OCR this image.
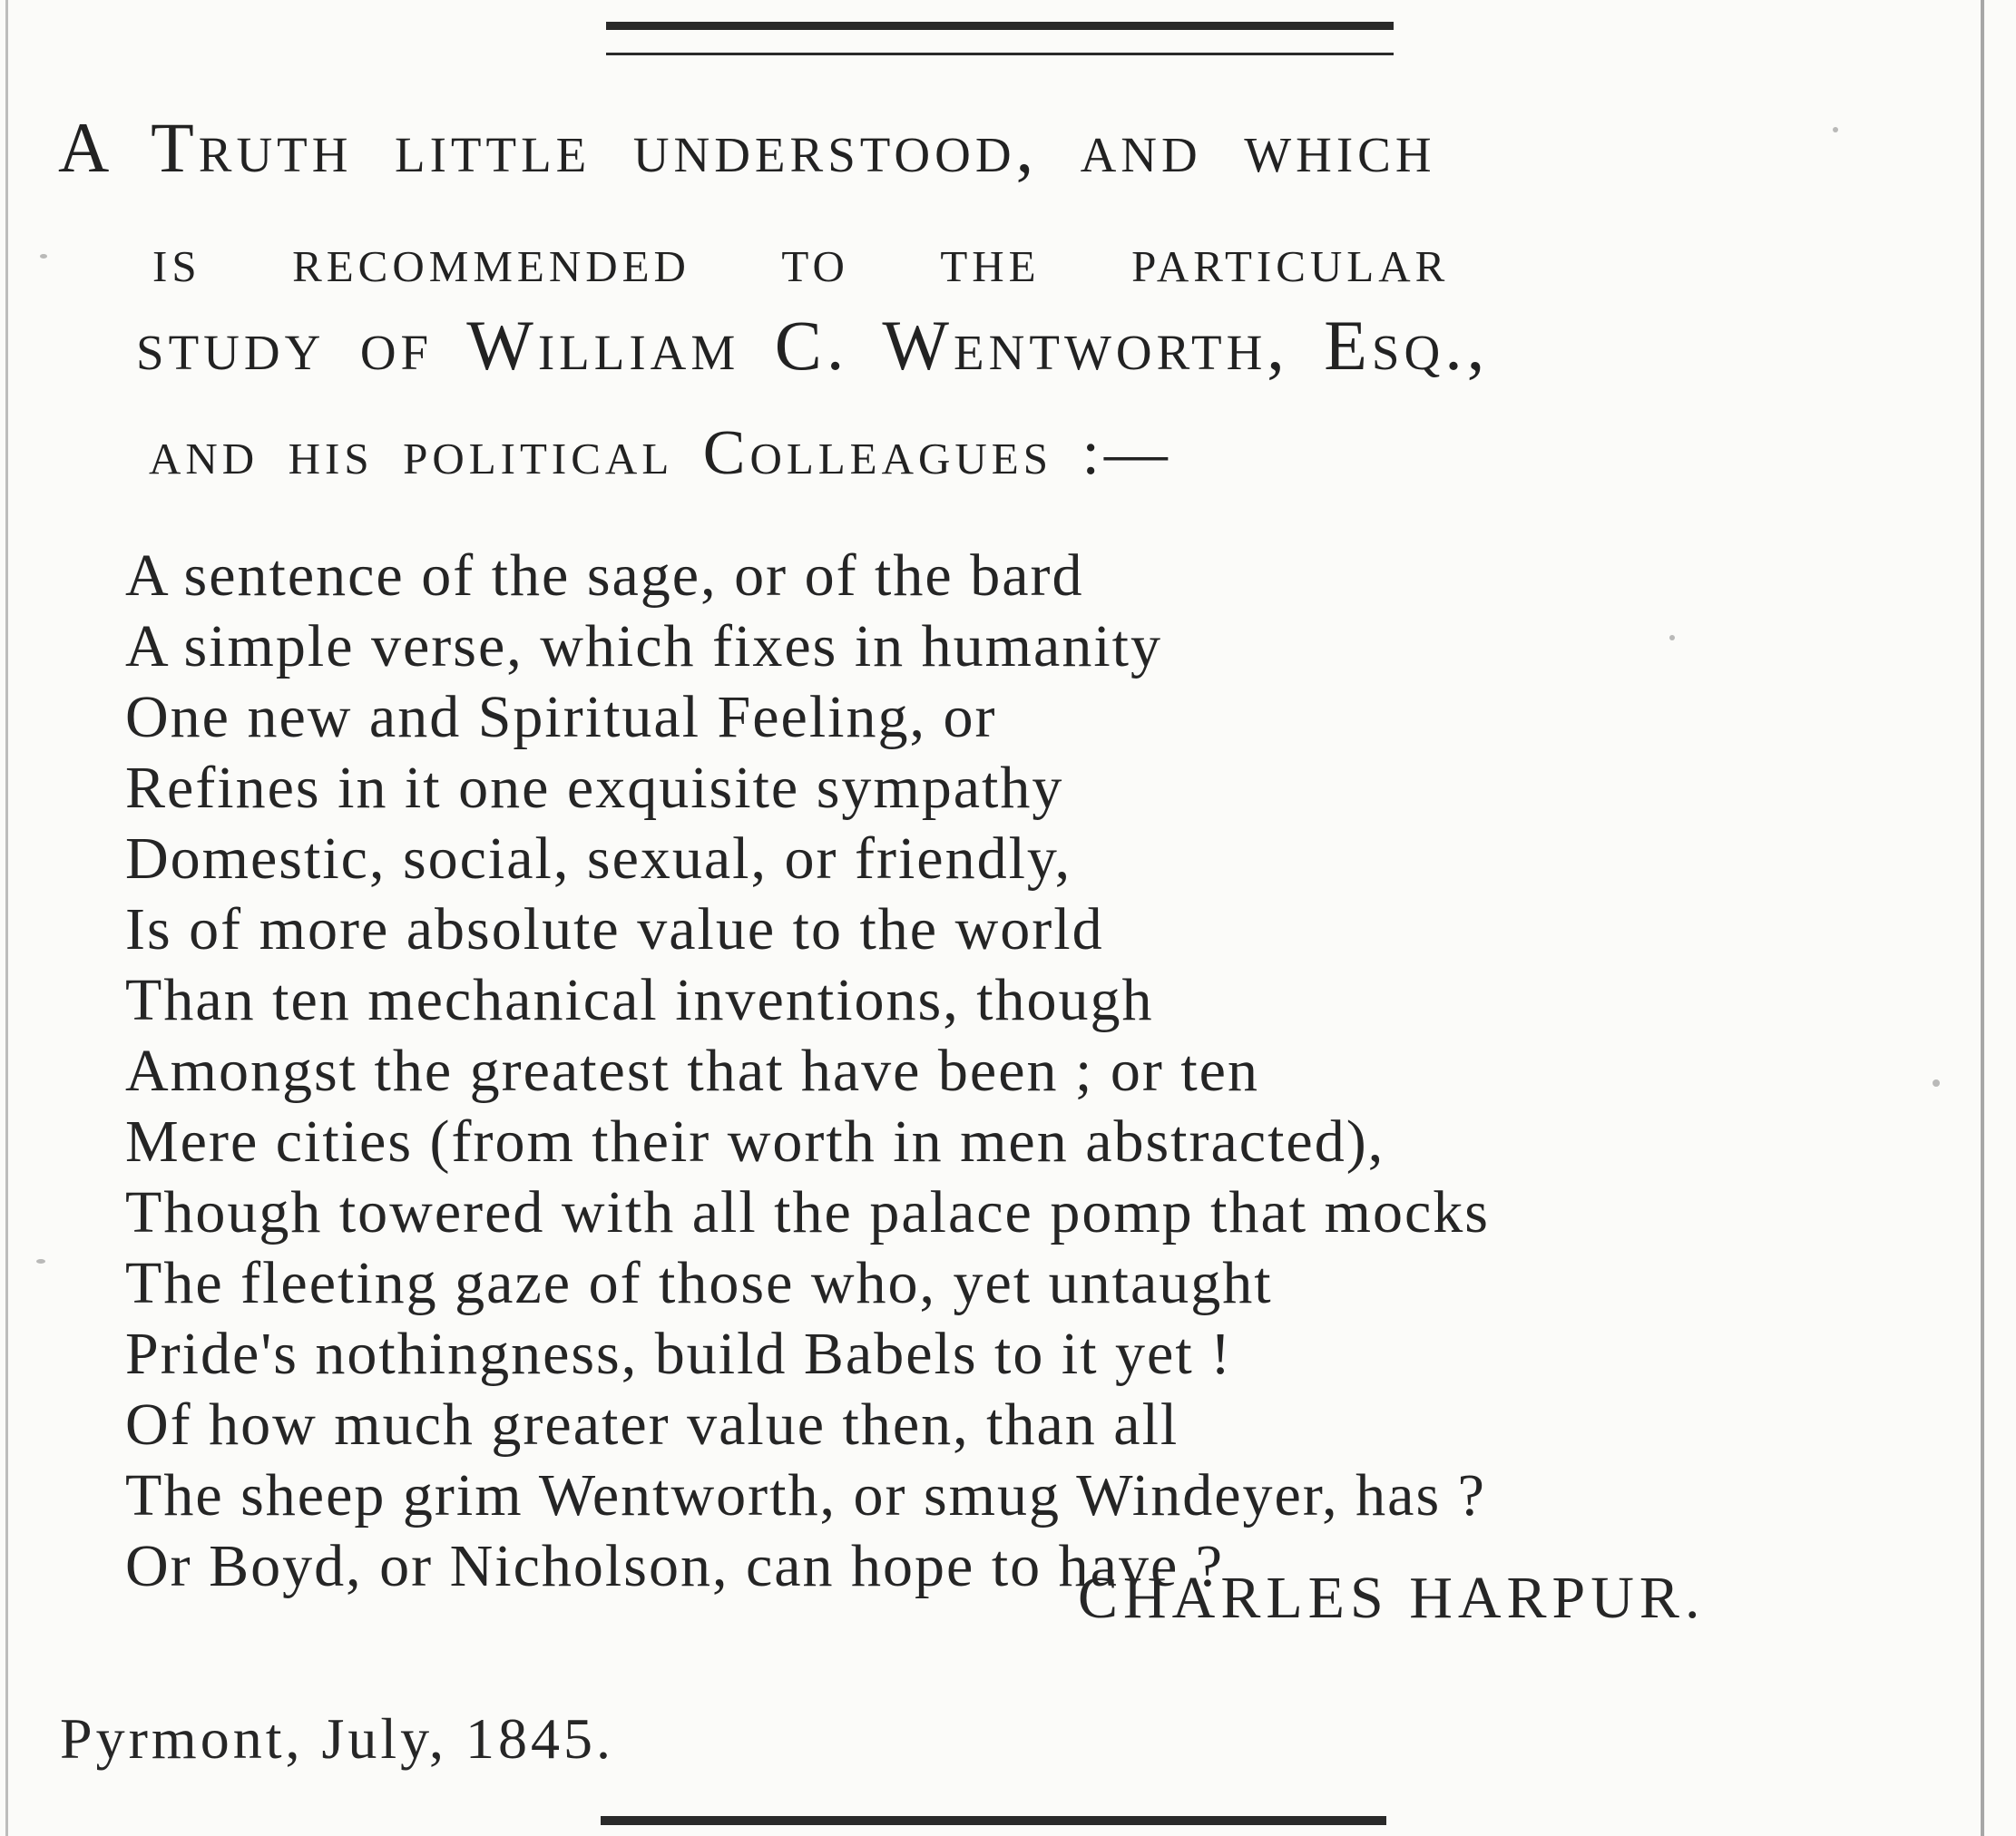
A Truth little understood, and which
is recommended to the particular
study of William C. Wentworth, Esq.,
and his political Colleagues :—
A sentence of the sage, or of the bard
A simple verse, which fixes in humanity
One new and Spiritual Feeling, or
Refines in it one exquisite sympathy
Domestic, social, sexual, or friendly,
Is of more absolute value to the world
Than ten mechanical inventions, though
Amongst the greatest that have been ; or ten
Mere cities (from their worth in men abstracted),
Though towered with all the palace pomp that mocks
The fleeting gaze of those who, yet untaught
Pride's nothingness, build Babels to it yet !
Of how much greater value then, than all
The sheep grim Wentworth, or smug Windeyer, has ?
Or Boyd, or Nicholson, can hope to have ?
CHARLES HARPUR.
Pyrmont, July, 1845.
